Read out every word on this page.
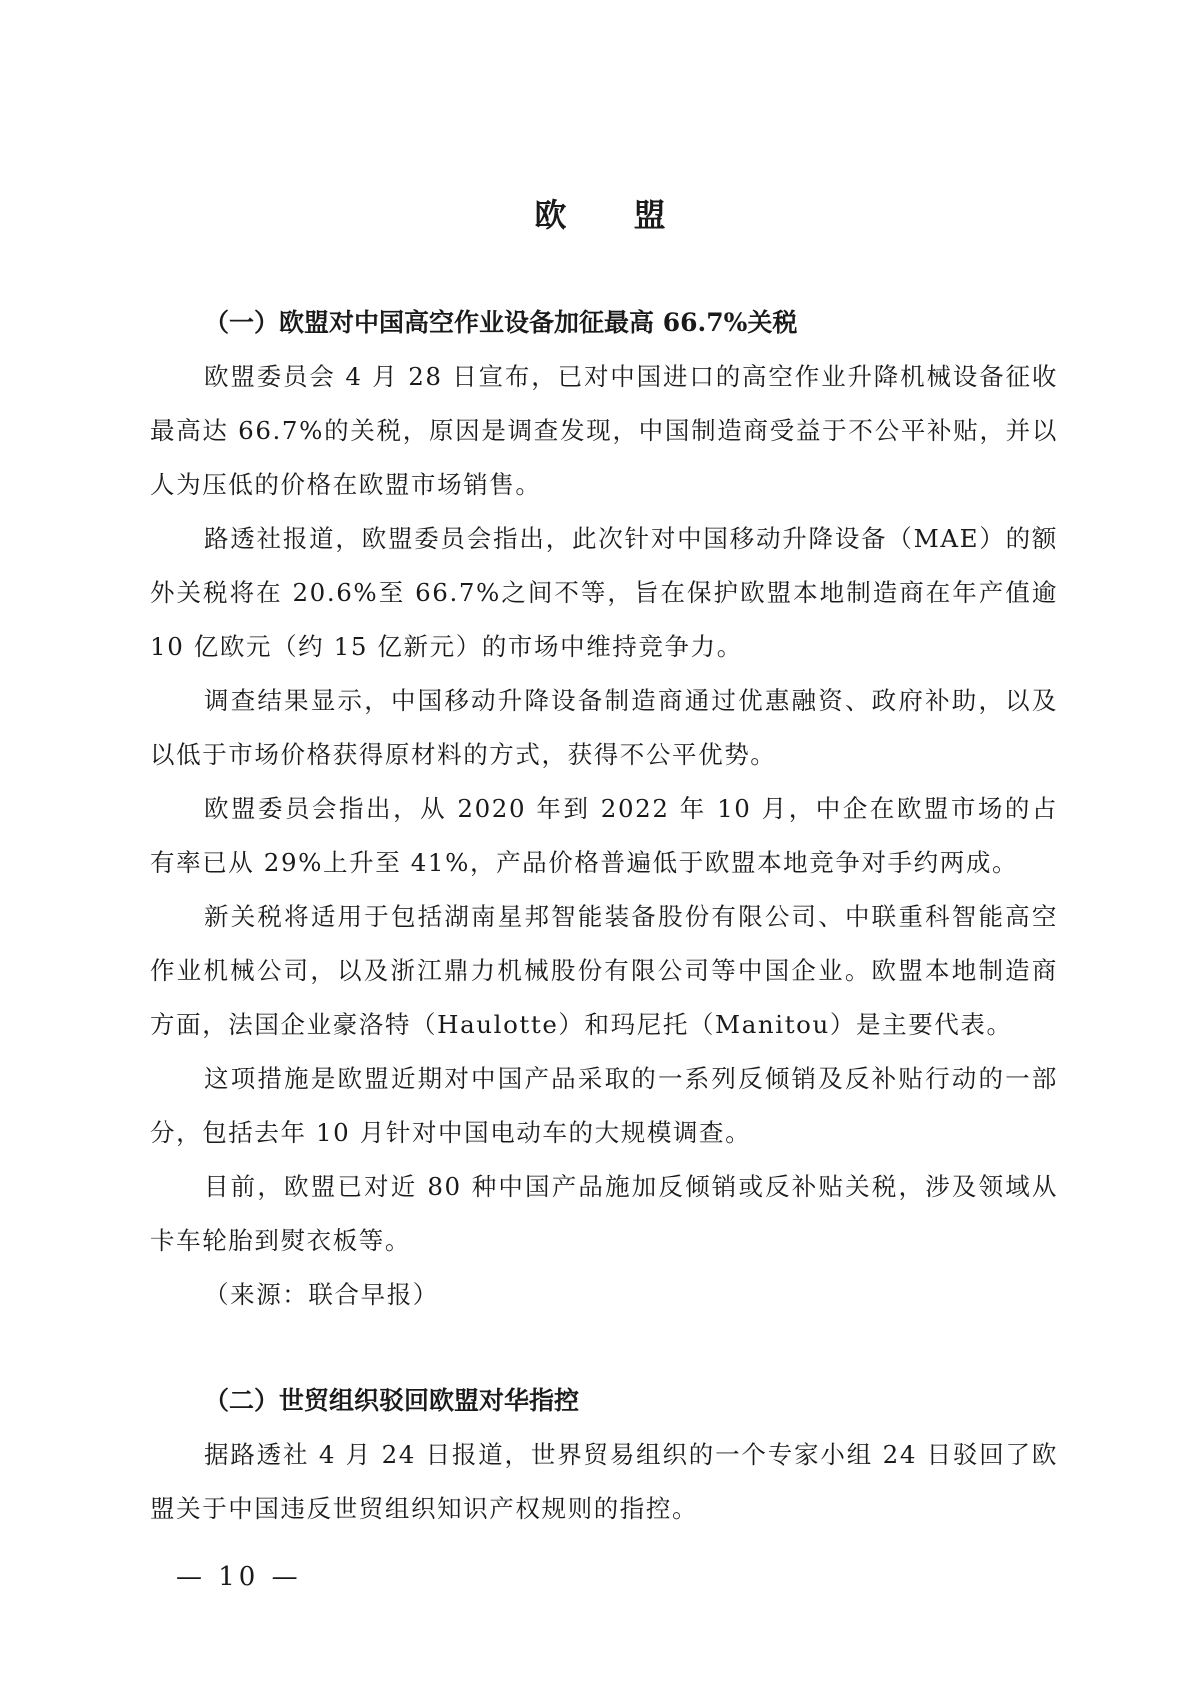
欧 盟

（一）欧盟对中国高空作业设备加征最高 66.7%关税

欧盟委员会 4 月 28 日宣布，已对中国进口的高空作业升降机械设备征收最高达 66.7%的关税，原因是调查发现，中国制造商受益于不公平补贴，并以人为压低的价格在欧盟市场销售。

路透社报道，欧盟委员会指出，此次针对中国移动升降设备（MAE）的额外关税将在 20.6%至 66.7%之间不等，旨在保护欧盟本地制造商在年产值逾 10 亿欧元（约 15 亿新元）的市场中维持竞争力。

调查结果显示，中国移动升降设备制造商通过优惠融资、政府补助，以及以低于市场价格获得原材料的方式，获得不公平优势。

欧盟委员会指出，从 2020 年到 2022 年 10 月，中企在欧盟市场的占有率已从 29%上升至 41%，产品价格普遍低于欧盟本地竞争对手约两成。

新关税将适用于包括湖南星邦智能装备股份有限公司、中联重科智能高空作业机械公司，以及浙江鼎力机械股份有限公司等中国企业。欧盟本地制造商方面，法国企业豪洛特（Haulotte）和玛尼托（Manitou）是主要代表。

这项措施是欧盟近期对中国产品采取的一系列反倾销及反补贴行动的一部分，包括去年 10 月针对中国电动车的大规模调查。

目前，欧盟已对近 80 种中国产品施加反倾销或反补贴关税，涉及领域从卡车轮胎到熨衣板等。

（来源：联合早报）

（二）世贸组织驳回欧盟对华指控

据路透社 4 月 24 日报道，世界贸易组织的一个专家小组 24 日驳回了欧盟关于中国违反世贸组织知识产权规则的指控。

— 10 —
